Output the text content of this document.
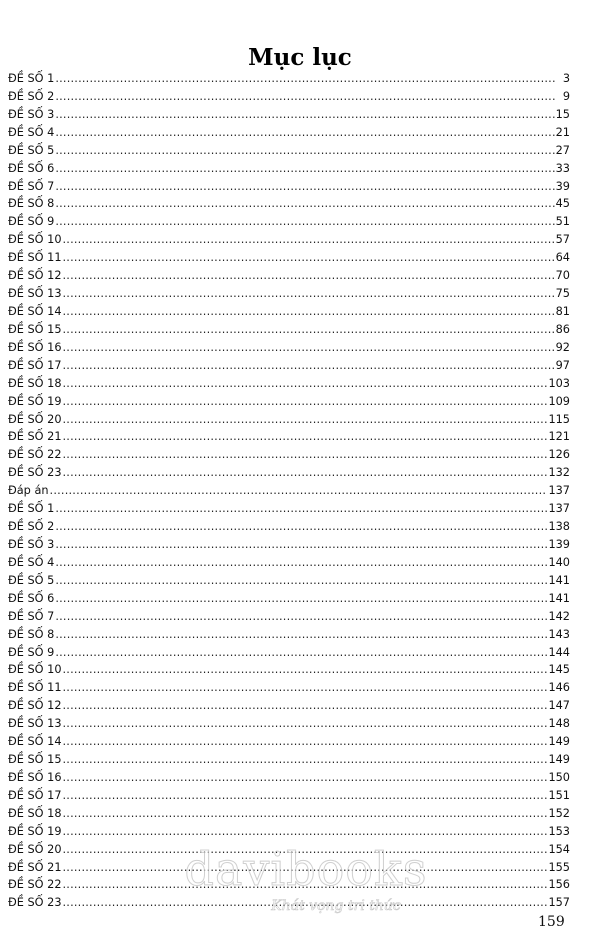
Mục lục
ĐỀ SỐ 1 .....	3
ĐỀ SỐ 2 .....	9
ĐỀ SỐ 3 .....	15
ĐỀ SỐ 4 .....	21
ĐỀ SỐ 5 .....	27
ĐỀ SỐ 6 .....	33
ĐỀ SỐ 7 .....	39
ĐỀ SỐ 8 .....	45
ĐỀ SỐ 9 .....	51
ĐỀ SỐ 10 .....	57
ĐỀ SỐ 11 .....	64
ĐỀ SỐ 12 .....	70
ĐỀ SỐ 13 .....	75
ĐỀ SỐ 14 .....	81
ĐỀ SỐ 15 .....	86
ĐỀ SỐ 16 .....	92
ĐỀ SỐ 17 .....	97
ĐỀ SỐ 18 .....	103
ĐỀ SỐ 19 .....	109
ĐỀ SỐ 20 .....	115
ĐỀ SỐ 21 .....	121
ĐỀ SỐ 22 .....	126
ĐỀ SỐ 23 .....	132
Đáp án .....	137
ĐỀ SỐ 1 .....	137
ĐỀ SỐ 2 .....	138
ĐỀ SỐ 3 .....	139
ĐỀ SỐ 4 .....	140
ĐỀ SỐ 5 .....	141
ĐỀ SỐ 6 .....	141
ĐỀ SỐ 7 .....	142
ĐỀ SỐ 8 .....	143
ĐỀ SỐ 9 .....	144
ĐỀ SỐ 10 .....	145
ĐỀ SỐ 11 .....	146
ĐỀ SỐ 12 .....	147
ĐỀ SỐ 13 .....	148
ĐỀ SỐ 14 .....	149
ĐỀ SỐ 15 .....	149
ĐỀ SỐ 16 .....	150
ĐỀ SỐ 17 .....	151
ĐỀ SỐ 18 .....	152
ĐỀ SỐ 19 .....	153
ĐỀ SỐ 20 .....	154
ĐỀ SỐ 21 .....	155
ĐỀ SỐ 22 .....	156
ĐỀ SỐ 23 .....	157
davibooks
Khát vọng tri thức
159
